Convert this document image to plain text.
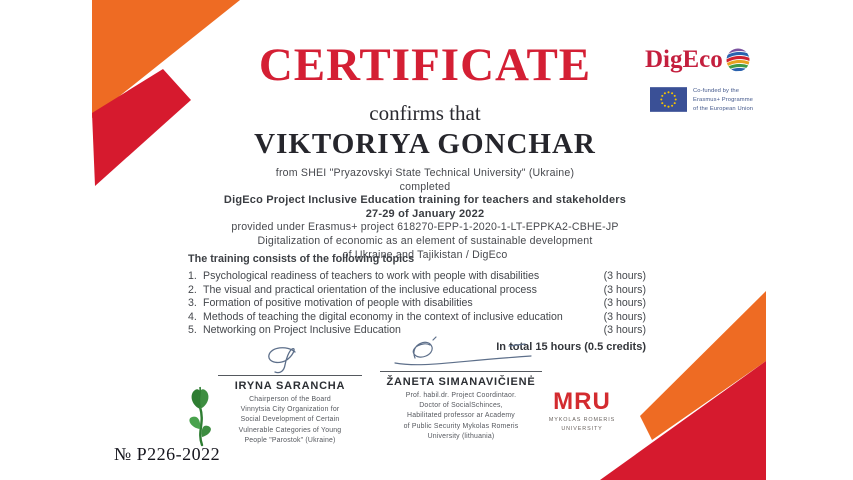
CERTIFICATE
confirms that
VIKTORIYA GONCHAR
from SHEI "Pryazovskyi State Technical University" (Ukraine)
completed
DigEco Project Inclusive Education training for teachers and stakeholders
27-29 of January 2022
provided under Erasmus+ project 618270-EPP-1-2020-1-LT-EPPKA2-CBHE-JP
Digitalization of economic as an element of sustainable development
of Ukraine and Tajikistan / DigEco
The training consists of the following topics
1. Psychological readiness of teachers to work with people with disabilities	(3 hours)
2. The visual and practical orientation of the inclusive educational process	(3 hours)
3. Formation of positive motivation of people with disabilities	(3 hours)
4. Methods of teaching the digital economy in the context of inclusive education	(3 hours)
5. Networking on Project Inclusive Education	(3 hours)
In total 15 hours (0.5 credits)
IRYNA SARANCHA
Chairperson of the Board
Vinnytsia City Organization for
Social Development of Certain
Vulnerable Categories of Young
People "Parostok" (Ukraine)
ŽANETA SIMANAVIČIENĖ
Prof. habil.dr. Project Coordintaor.
Doctor of SocialSchinces,
Habilitated professor ar Academy
of Public Security Mykolas Romeris
University (lithuania)
DigEco
Co-funded by the
Erasmus+ Programme
of the European Union
MRU
MYKOLAS ROMERIS
UNIVERSITY
№ P226-2022
